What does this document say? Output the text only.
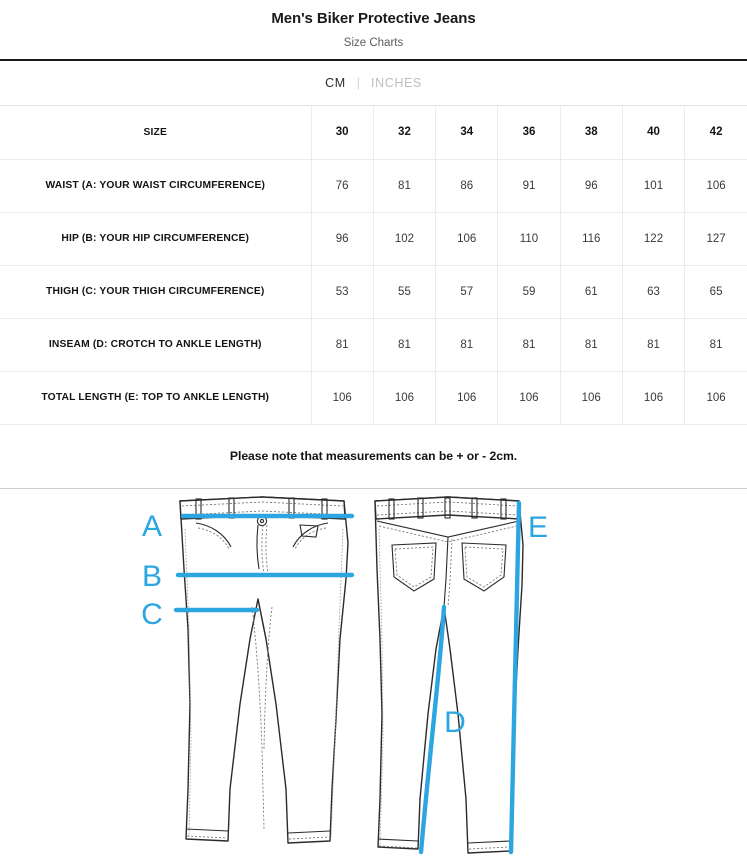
Men's Biker Protective Jeans
Size Charts
CM | INCHES
SIZE	30	32	34	36	38	40	42
WAIST (A: YOUR WAIST CIRCUMFERENCE)	76	81	86	91	96	101	106
HIP (B: YOUR HIP CIRCUMFERENCE)	96	102	106	110	116	122	127
THIGH (C: YOUR THIGH CIRCUMFERENCE)	53	55	57	59	61	63	65
INSEAM (D: CROTCH TO ANKLE LENGTH)	81	81	81	81	81	81	81
TOTAL LENGTH (E: TOP TO ANKLE LENGTH)	106	106	106	106	106	106	106
Please note that measurements can be + or - 2cm.
A
B
C
D
E
